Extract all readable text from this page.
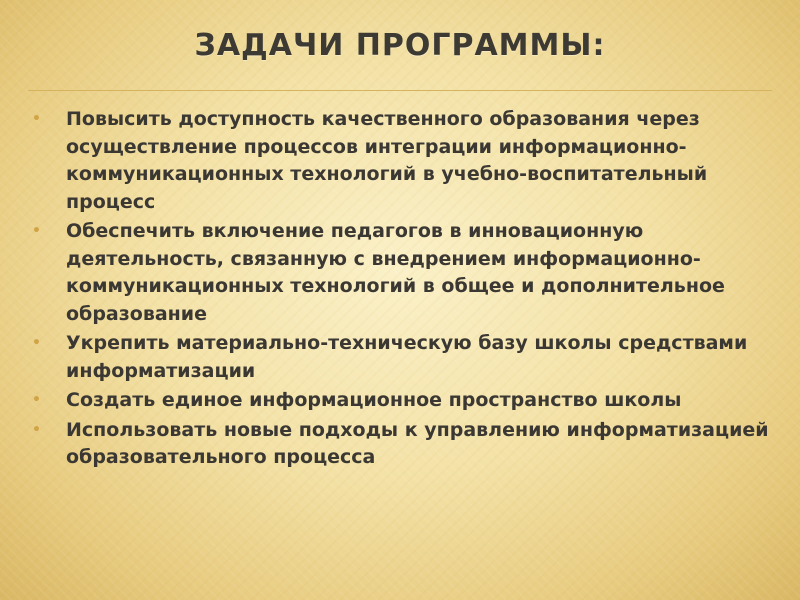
ЗАДАЧИ ПРОГРАММЫ:
• Повысить доступность качественного образования через осуществление процессов интеграции информационно-коммуникационных технологий в учебно-воспитательный процесс
• Обеспечить включение педагогов в инновационную деятельность, связанную с внедрением информационно-коммуникационных технологий в общее и дополнительное образование
• Укрепить материально-техническую базу школы средствами информатизации
• Создать единое информационное пространство школы
• Использовать новые подходы к управлению информатизацией образовательного процесса
